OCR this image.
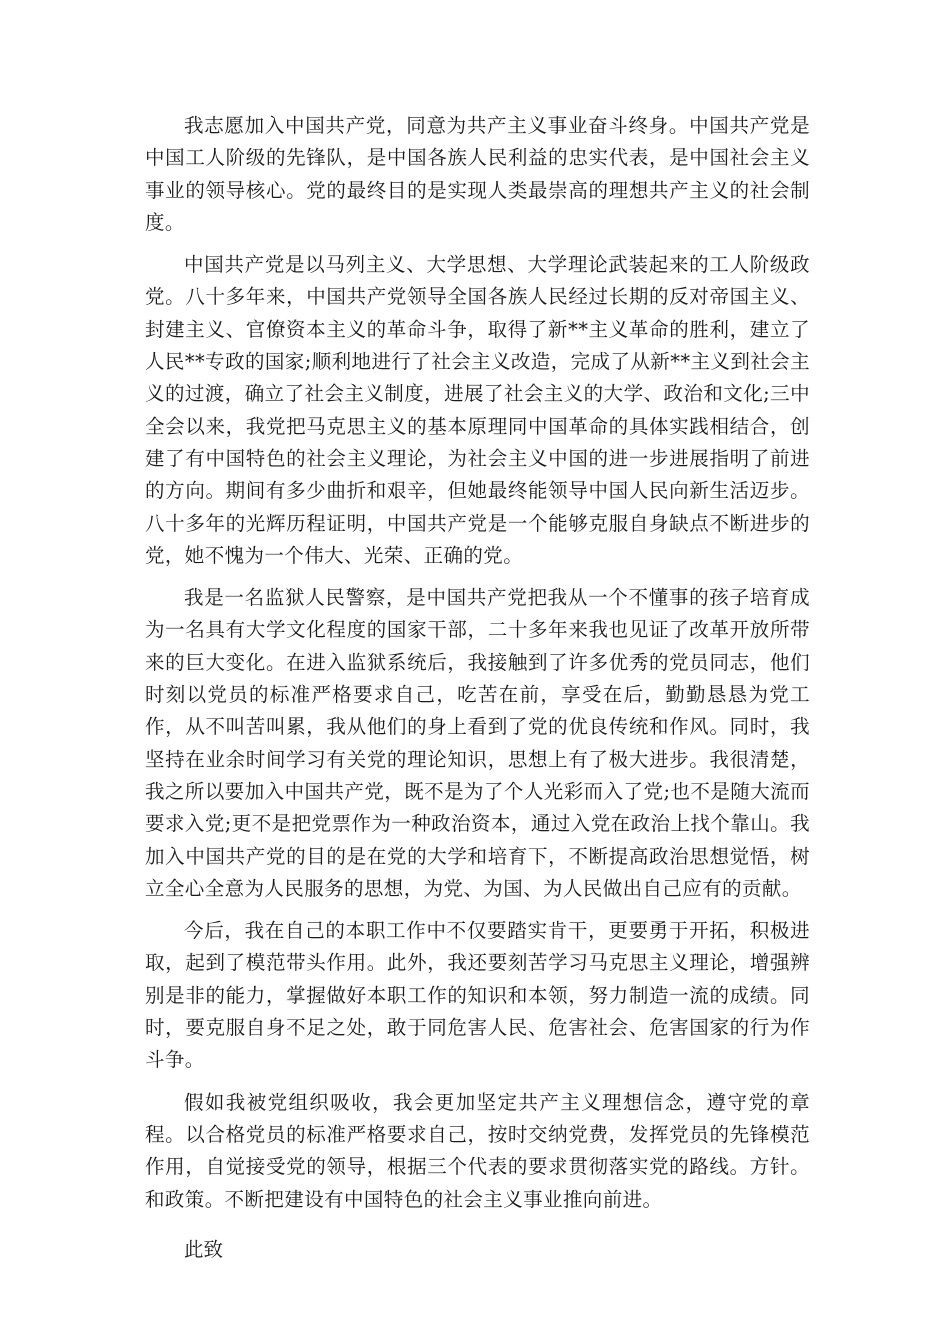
我志愿加入中国共产党，同意为共产主义事业奋斗终身。中国共产党是中国工人阶级的先锋队，是中国各族人民利益的忠实代表，是中国社会主义事业的领导核心。党的最终目的是实现人类最崇高的理想共产主义的社会制度。

中国共产党是以马列主义、大学思想、大学理论武装起来的工人阶级政党。八十多年来，中国共产党领导全国各族人民经过长期的反对帝国主义、封建主义、官僚资本主义的革命斗争，取得了新**主义革命的胜利，建立了人民**专政的国家;顺利地进行了社会主义改造，完成了从新**主义到社会主义的过渡，确立了社会主义制度，进展了社会主义的大学、政治和文化;三中全会以来，我党把马克思主义的基本原理同中国革命的具体实践相结合，创建了有中国特色的社会主义理论，为社会主义中国的进一步进展指明了前进的方向。期间有多少曲折和艰辛，但她最终能领导中国人民向新生活迈步。八十多年的光辉历程证明，中国共产党是一个能够克服自身缺点不断进步的党，她不愧为一个伟大、光荣、正确的党。

我是一名监狱人民警察，是中国共产党把我从一个不懂事的孩子培育成为一名具有大学文化程度的国家干部，二十多年来我也见证了改革开放所带来的巨大变化。在进入监狱系统后，我接触到了许多优秀的党员同志，他们时刻以党员的标准严格要求自己，吃苦在前，享受在后，勤勤恳恳为党工作，从不叫苦叫累，我从他们的身上看到了党的优良传统和作风。同时，我坚持在业余时间学习有关党的理论知识，思想上有了极大进步。我很清楚，我之所以要加入中国共产党，既不是为了个人光彩而入了党;也不是随大流而要求入党;更不是把党票作为一种政治资本，通过入党在政治上找个靠山。我加入中国共产党的目的是在党的大学和培育下，不断提高政治思想觉悟，树立全心全意为人民服务的思想，为党、为国、为人民做出自己应有的贡献。

今后，我在自己的本职工作中不仅要踏实肯干，更要勇于开拓，积极进取，起到了模范带头作用。此外，我还要刻苦学习马克思主义理论，增强辨别是非的能力，掌握做好本职工作的知识和本领，努力制造一流的成绩。同时，要克服自身不足之处，敢于同危害人民、危害社会、危害国家的行为作斗争。

假如我被党组织吸收，我会更加坚定共产主义理想信念，遵守党的章程。以合格党员的标准严格要求自己，按时交纳党费，发挥党员的先锋模范作用，自觉接受党的领导，根据三个代表的要求贯彻落实党的路线。方针。和政策。不断把建设有中国特色的社会主义事业推向前进。

此致
